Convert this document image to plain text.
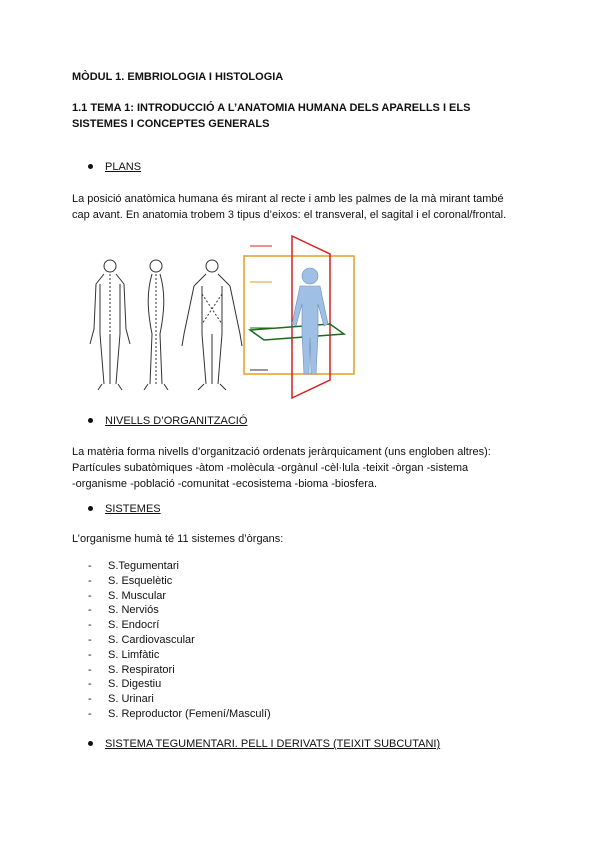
MÒDUL 1. EMBRIOLOGIA I HISTOLOGIA
1.1 TEMA 1: INTRODUCCIÓ A L’ANATOMIA HUMANA DELS APARELLS I ELS
SISTEMES I CONCEPTES GENERALS
PLANS
La posició anatòmica humana és mirant al recte i amb les palmes de la mà mirant també
cap avant. En anatomia trobem 3 tipus d’eixos: el transveral, el sagital i el coronal/frontal.
NIVELLS D’ORGANITZACIÓ
La matèria forma nivells d’organització ordenats jeràrquicament (uns engloben altres):
Partícules subatòmiques -àtom -molècula -orgànul -cèl·lula -teixit -òrgan -sistema
-organisme -població -comunitat -ecosistema -bioma -biosfera.
SISTEMES
L’organisme humà té 11 sistemes d’òrgans:
- S.Tegumentari
- S. Esquelètic
- S. Muscular
- S. Nerviós
- S. Endocrí
- S. Cardiovascular
- S. Limfàtic
- S. Respiratori
- S. Digestiu
- S. Urinari
- S. Reproductor (Femení/Masculí)
SISTEMA TEGUMENTARI. PELL I DERIVATS (TEIXIT SUBCUTANI)
